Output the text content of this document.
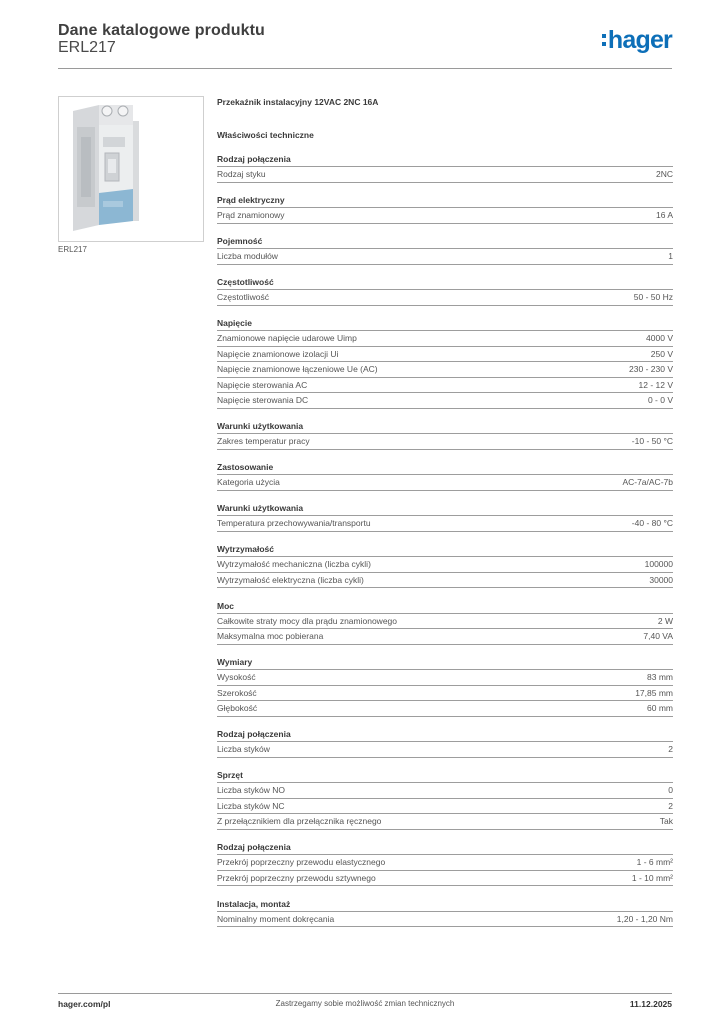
Dane katalogowe produktu
ERL217	hager
ERL217
Przekaźnik instalacyjny 12VAC 2NC 16A
Właściwości techniczne
Rodzaj połączenia
Rodzaj styku	2NC
Prąd elektryczny
Prąd znamionowy	16 A
Pojemność
Liczba modułów	1
Częstotliwość
Częstotliwość	50 - 50 Hz
Napięcie
Znamionowe napięcie udarowe Uimp	4000 V
Napięcie znamionowe izolacji Ui	250 V
Napięcie znamionowe łączeniowe Ue (AC)	230 - 230 V
Napięcie sterowania AC	12 - 12 V
Napięcie sterowania DC	0 - 0 V
Warunki użytkowania
Zakres temperatur pracy	-10 - 50 °C
Zastosowanie
Kategoria użycia	AC-7a/AC-7b
Warunki użytkowania
Temperatura przechowywania/transportu	-40 - 80 °C
Wytrzymałość
Wytrzymałość mechaniczna (liczba cykli)	100000
Wytrzymałość elektryczna (liczba cykli)	30000
Moc
Całkowite straty mocy dla prądu znamionowego	2 W
Maksymalna moc pobierana	7,40 VA
Wymiary
Wysokość	83 mm
Szerokość	17,85 mm
Głębokość	60 mm
Rodzaj połączenia
Liczba styków	2
Sprzęt
Liczba styków NO	0
Liczba styków NC	2
Z przełącznikiem dla przełącznika ręcznego	Tak
Rodzaj połączenia
Przekrój poprzeczny przewodu elastycznego	1 - 6 mm²
Przekrój poprzeczny przewodu sztywnego	1 - 10 mm²
Instalacja, montaż
Nominalny moment dokręcania	1,20 - 1,20 Nm
hager.com/pl	Zastrzegamy sobie możliwość zmian technicznych	11.12.2025
